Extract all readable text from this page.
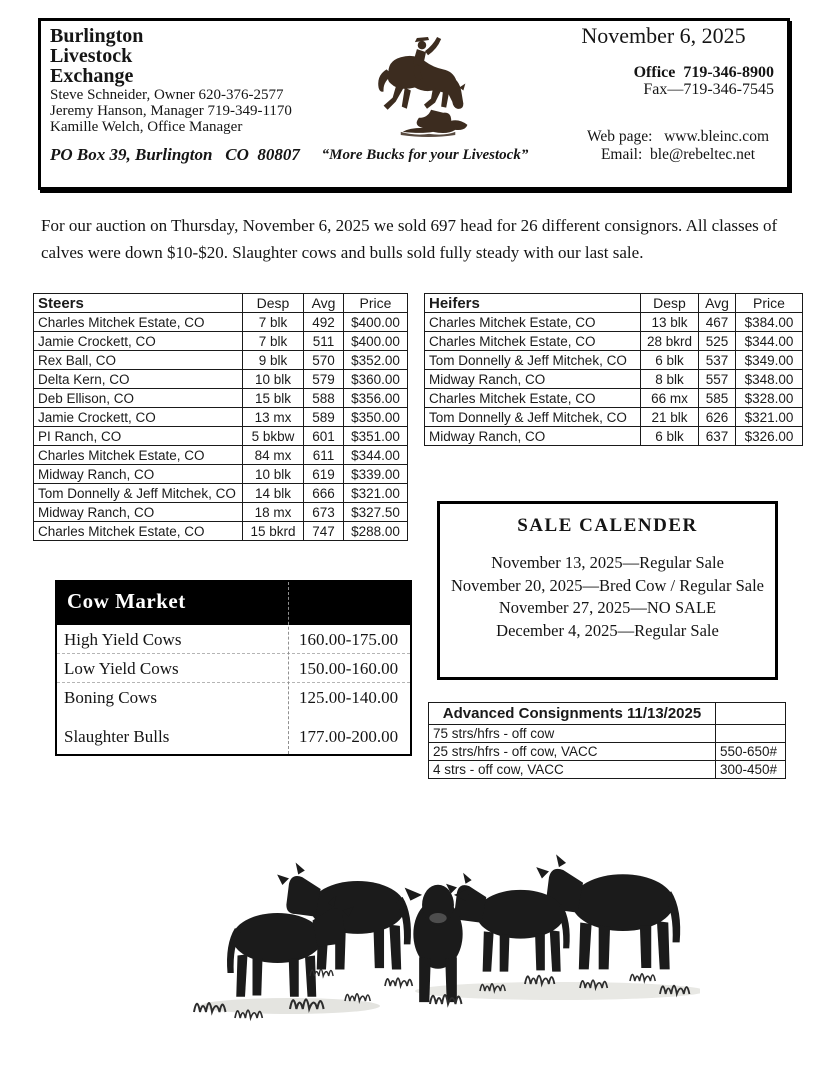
Burlington
Livestock
Exchange
Steve Schneider, Owner 620-376-2577
Jeremy Hanson, Manager 719-349-1170
Kamille Welch, Office Manager
PO Box 39, Burlington   CO  80807	“More Bucks for your Livestock”
November 6, 2025
Office  719-346-8900
Fax—719-346-7545
Web page:   www.bleinc.com
Email:  ble@rebeltec.net
For our auction on Thursday, November 6, 2025 we sold 697 head for 26 different consignors. All classes of calves were down $10-$20. Slaughter cows and bulls sold fully steady with our last sale.
Steers	Desp	Avg	Price
Charles Mitchek Estate, CO	7 blk	492	$400.00
Jamie Crockett, CO	7 blk	511	$400.00
Rex Ball, CO	9 blk	570	$352.00
Delta Kern, CO	10 blk	579	$360.00
Deb Ellison, CO	15 blk	588	$356.00
Jamie Crockett, CO	13 mx	589	$350.00
PI Ranch, CO	5 bkbw	601	$351.00
Charles Mitchek Estate, CO	84 mx	611	$344.00
Midway Ranch, CO	10 blk	619	$339.00
Tom Donnelly & Jeff Mitchek, CO	14 blk	666	$321.00
Midway Ranch, CO	18 mx	673	$327.50
Charles Mitchek Estate, CO	15 bkrd	747	$288.00
Heifers	Desp	Avg	Price
Charles Mitchek Estate, CO	13 blk	467	$384.00
Charles Mitchek Estate, CO	28 bkrd	525	$344.00
Tom Donnelly & Jeff Mitchek, CO	6 blk	537	$349.00
Midway Ranch, CO	8 blk	557	$348.00
Charles Mitchek Estate, CO	66 mx	585	$328.00
Tom Donnelly & Jeff Mitchek, CO	21 blk	626	$321.00
Midway Ranch, CO	6 blk	637	$326.00
Cow Market
High Yield Cows	160.00-175.00
Low Yield Cows	150.00-160.00
Boning Cows	125.00-140.00
Slaughter Bulls	177.00-200.00
SALE CALENDER
November 13, 2025—Regular Sale
November 20, 2025—Bred Cow / Regular Sale
November 27, 2025—NO SALE
December 4, 2025—Regular Sale
Advanced Consignments 11/13/2025	
75 strs/hfrs - off cow	
25 strs/hfrs - off cow, VACC	550-650#
4 strs - off cow, VACC	300-450#
